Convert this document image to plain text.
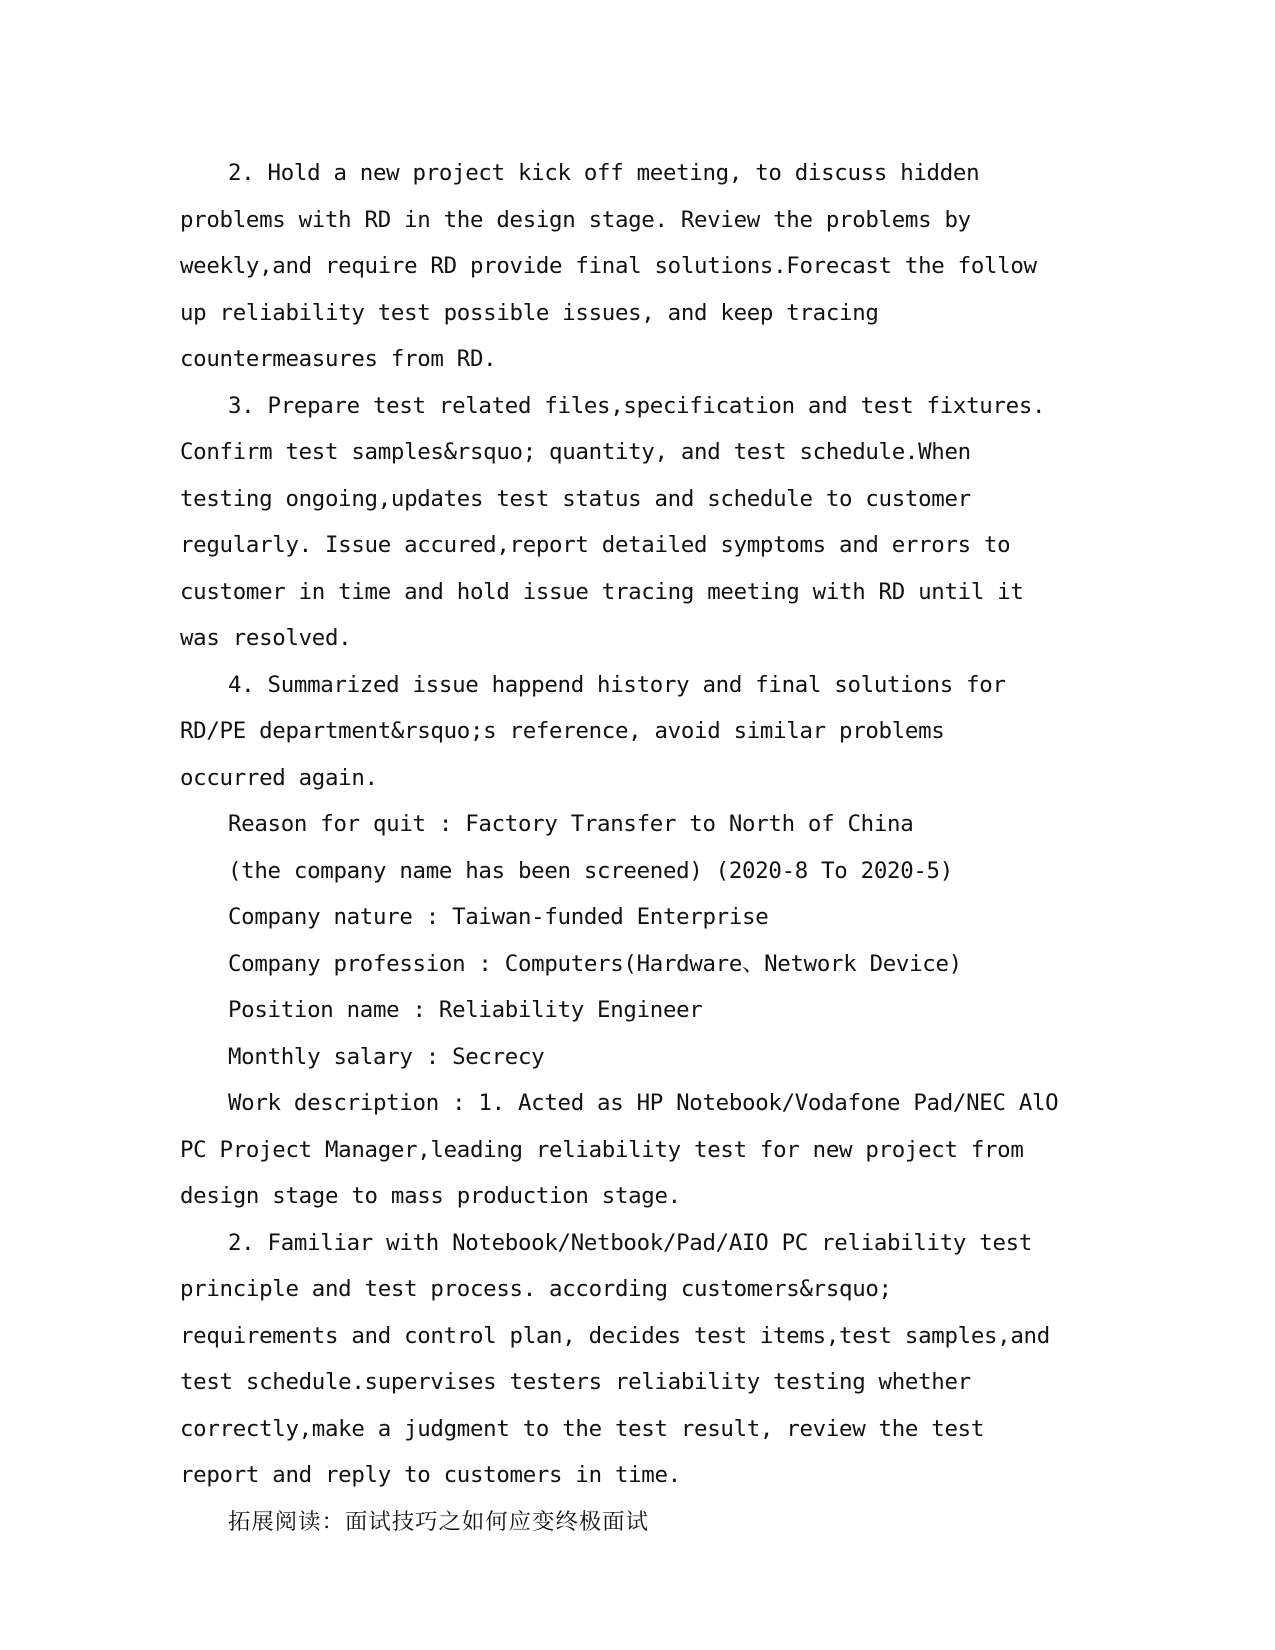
2. Hold a new project kick off meeting, to discuss hidden problems with RD in the design stage. Review the problems by weekly,and require RD provide final solutions.Forecast the follow up reliability test possible issues, and keep tracing countermeasures from RD.

3. Prepare test related files,specification and test fixtures. Confirm test samples&rsquo; quantity, and test schedule.When testing ongoing,updates test status and schedule to customer regularly. Issue accured,report detailed symptoms and errors to customer in time and hold issue tracing meeting with RD until it was resolved.

4. Summarized issue happend history and final solutions for RD/PE department&rsquo;s reference, avoid similar problems occurred again.

Reason for quit : Factory Transfer to North of China

(the company name has been screened) (2020-8 To 2020-5)

Company nature : Taiwan-funded Enterprise

Company profession : Computers(Hardware、Network Device)

Position name : Reliability Engineer

Monthly salary : Secrecy

Work description : 1. Acted as HP Notebook/Vodafone Pad/NEC AlO PC Project Manager,leading reliability test for new project from design stage to mass production stage.

2. Familiar with Notebook/Netbook/Pad/AIO PC reliability test principle and test process. according customers&rsquo; requirements and control plan, decides test items,test samples,and test schedule.supervises testers reliability testing whether correctly,make a judgment to the test result, review the test report and reply to customers in time.

拓展阅读：面试技巧之如何应变终极面试
